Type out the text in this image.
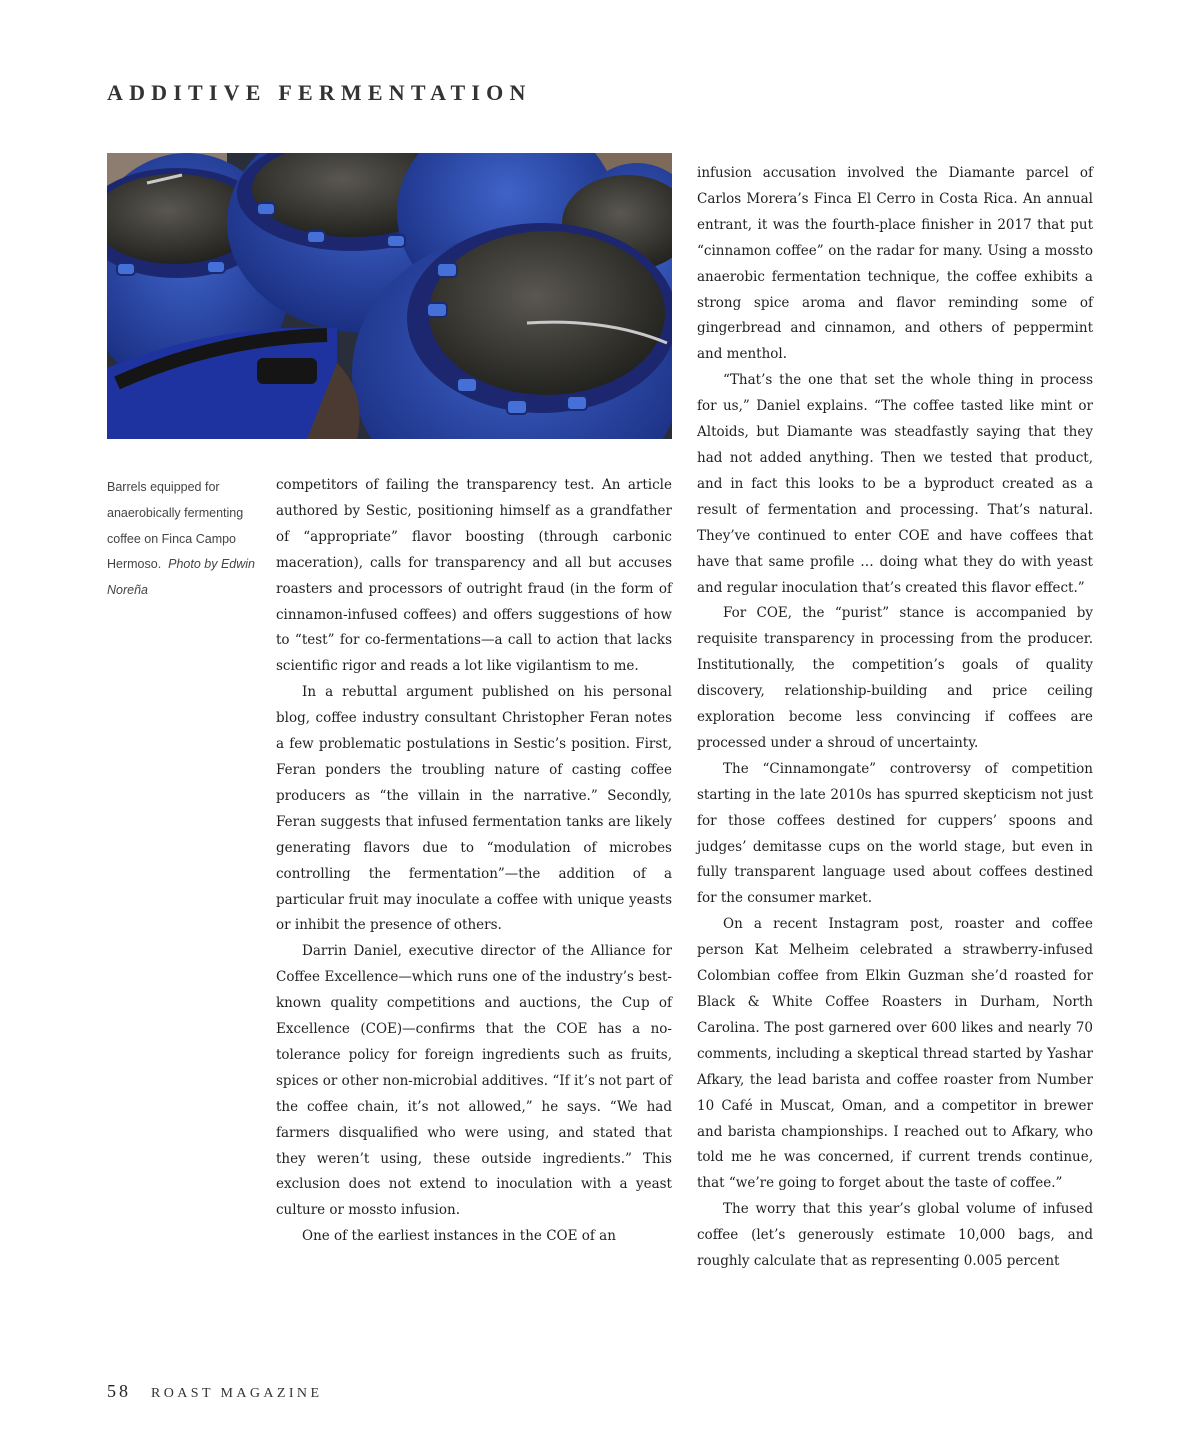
ADDITIVE FERMENTATION

Barrels equipped for anaerobically fermenting coffee on Finca Campo Hermoso. Photo by Edwin Noreña

competitors of failing the transparency test. An article authored by Sestic, positioning himself as a grandfather of “appropriate” flavor boosting (through carbonic maceration), calls for transparency and all but accuses roasters and processors of outright fraud (in the form of cinnamon-infused coffees) and offers suggestions of how to “test” for co-fermentations—a call to action that lacks scientific rigor and reads a lot like vigilantism to me.

In a rebuttal argument published on his personal blog, coffee industry consultant Christopher Feran notes a few problematic postulations in Sestic’s position. First, Feran ponders the troubling nature of casting coffee producers as “the villain in the narrative.” Secondly, Feran suggests that infused fermentation tanks are likely generating flavors due to “modulation of microbes controlling the fermentation”—the addition of a particular fruit may inoculate a coffee with unique yeasts or inhibit the presence of others.

Darrin Daniel, executive director of the Alliance for Coffee Excellence—which runs one of the industry’s best-known quality competitions and auctions, the Cup of Excellence (COE)—confirms that the COE has a no-tolerance policy for foreign ingredients such as fruits, spices or other non-microbial additives. “If it’s not part of the coffee chain, it’s not allowed,” he says. “We had farmers disqualified who were using, and stated that they weren’t using, these outside ingredients.” This exclusion does not extend to inoculation with a yeast culture or mossto infusion.

One of the earliest instances in the COE of an

infusion accusation involved the Diamante parcel of Carlos Morera’s Finca El Cerro in Costa Rica. An annual entrant, it was the fourth-place finisher in 2017 that put “cinnamon coffee” on the radar for many. Using a mossto anaerobic fermentation technique, the coffee exhibits a strong spice aroma and flavor reminding some of gingerbread and cinnamon, and others of peppermint and menthol.

“That’s the one that set the whole thing in process for us,” Daniel explains. “The coffee tasted like mint or Altoids, but Diamante was steadfastly saying that they had not added anything. Then we tested that product, and in fact this looks to be a byproduct created as a result of fermentation and processing. That’s natural. They’ve continued to enter COE and have coffees that have that same profile … doing what they do with yeast and regular inoculation that’s created this flavor effect.”

For COE, the “purist” stance is accompanied by requisite transparency in processing from the producer. Institutionally, the competition’s goals of quality discovery, relationship-building and price ceiling exploration become less convincing if coffees are processed under a shroud of uncertainty.

The “Cinnamongate” controversy of competition starting in the late 2010s has spurred skepticism not just for those coffees destined for cuppers’ spoons and judges’ demitasse cups on the world stage, but even in fully transparent language used about coffees destined for the consumer market.

On a recent Instagram post, roaster and coffee person Kat Melheim celebrated a strawberry-infused Colombian coffee from Elkin Guzman she’d roasted for Black & White Coffee Roasters in Durham, North Carolina. The post garnered over 600 likes and nearly 70 comments, including a skeptical thread started by Yashar Afkary, the lead barista and coffee roaster from Number 10 Café in Muscat, Oman, and a competitor in brewer and barista championships. I reached out to Afkary, who told me he was concerned, if current trends continue, that “we’re going to forget about the taste of coffee.”

The worry that this year’s global volume of infused coffee (let’s generously estimate 10,000 bags, and roughly calculate that as representing 0.005 percent

58 ROAST MAGAZINE
